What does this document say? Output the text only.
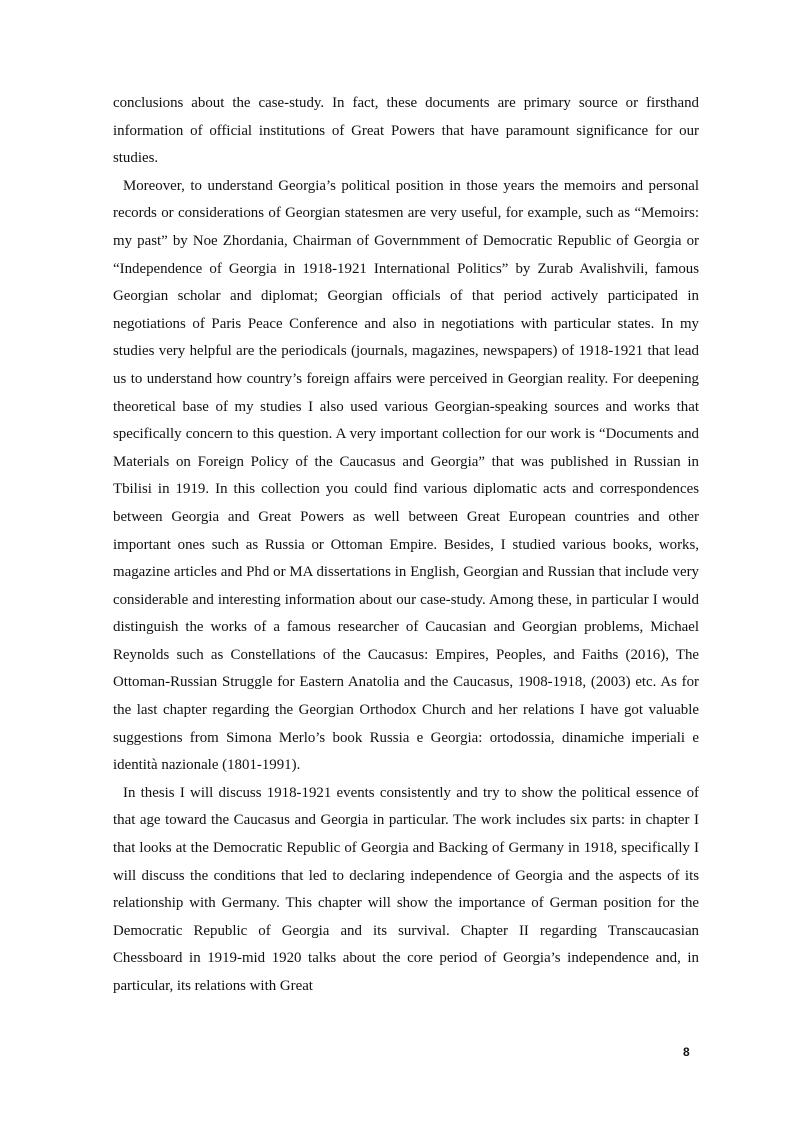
conclusions about the case-study. In fact, these documents are primary source or firsthand information of official institutions of Great Powers that have paramount significance for our studies.

Moreover, to understand Georgia’s political position in those years the memoirs and personal records or considerations of Georgian statesmen are very useful, for example, such as “Memoirs: my past” by Noe Zhordania, Chairman of Governmment of Democratic Republic of Georgia or “Independence of Georgia in 1918-1921 International Politics” by Zurab Avalishvili, famous Georgian scholar and diplomat; Georgian officials of that period actively participated in negotiations of Paris Peace Conference and also in negotiations with particular states. In my studies very helpful are the periodicals (journals, magazines, newspapers) of 1918-1921 that lead us to understand how country’s foreign affairs were perceived in Georgian reality. For deepening theoretical base of my studies I also used various Georgian-speaking sources and works that specifically concern to this question. A very important collection for our work is “Documents and Materials on Foreign Policy of the Caucasus and Georgia” that was published in Russian in Tbilisi in 1919. In this collection you could find various diplomatic acts and correspondences between Georgia and Great Powers as well between Great European countries and other important ones such as Russia or Ottoman Empire. Besides, I studied various books, works, magazine articles and Phd or MA dissertations in English, Georgian and Russian that include very considerable and interesting information about our case-study. Among these, in particular I would distinguish the works of a famous researcher of Caucasian and Georgian problems, Michael Reynolds such as Constellations of the Caucasus: Empires, Peoples, and Faiths (2016), The Ottoman-Russian Struggle for Eastern Anatolia and the Caucasus, 1908-1918, (2003) etc. As for the last chapter regarding the Georgian Orthodox Church and her relations I have got valuable suggestions from Simona Merlo’s book Russia e Georgia: ortodossia, dinamiche imperiali e identità nazionale (1801-1991).

In thesis I will discuss 1918-1921 events consistently and try to show the political essence of that age toward the Caucasus and Georgia in particular. The work includes six parts: in chapter I that looks at the Democratic Republic of Georgia and Backing of Germany in 1918, specifically I will discuss the conditions that led to declaring independence of Georgia and the aspects of its relationship with Germany. This chapter will show the importance of German position for the Democratic Republic of Georgia and its survival. Chapter II regarding Transcaucasian Chessboard in 1919-mid 1920 talks about the core period of Georgia’s independence and, in particular, its relations with Great

8
